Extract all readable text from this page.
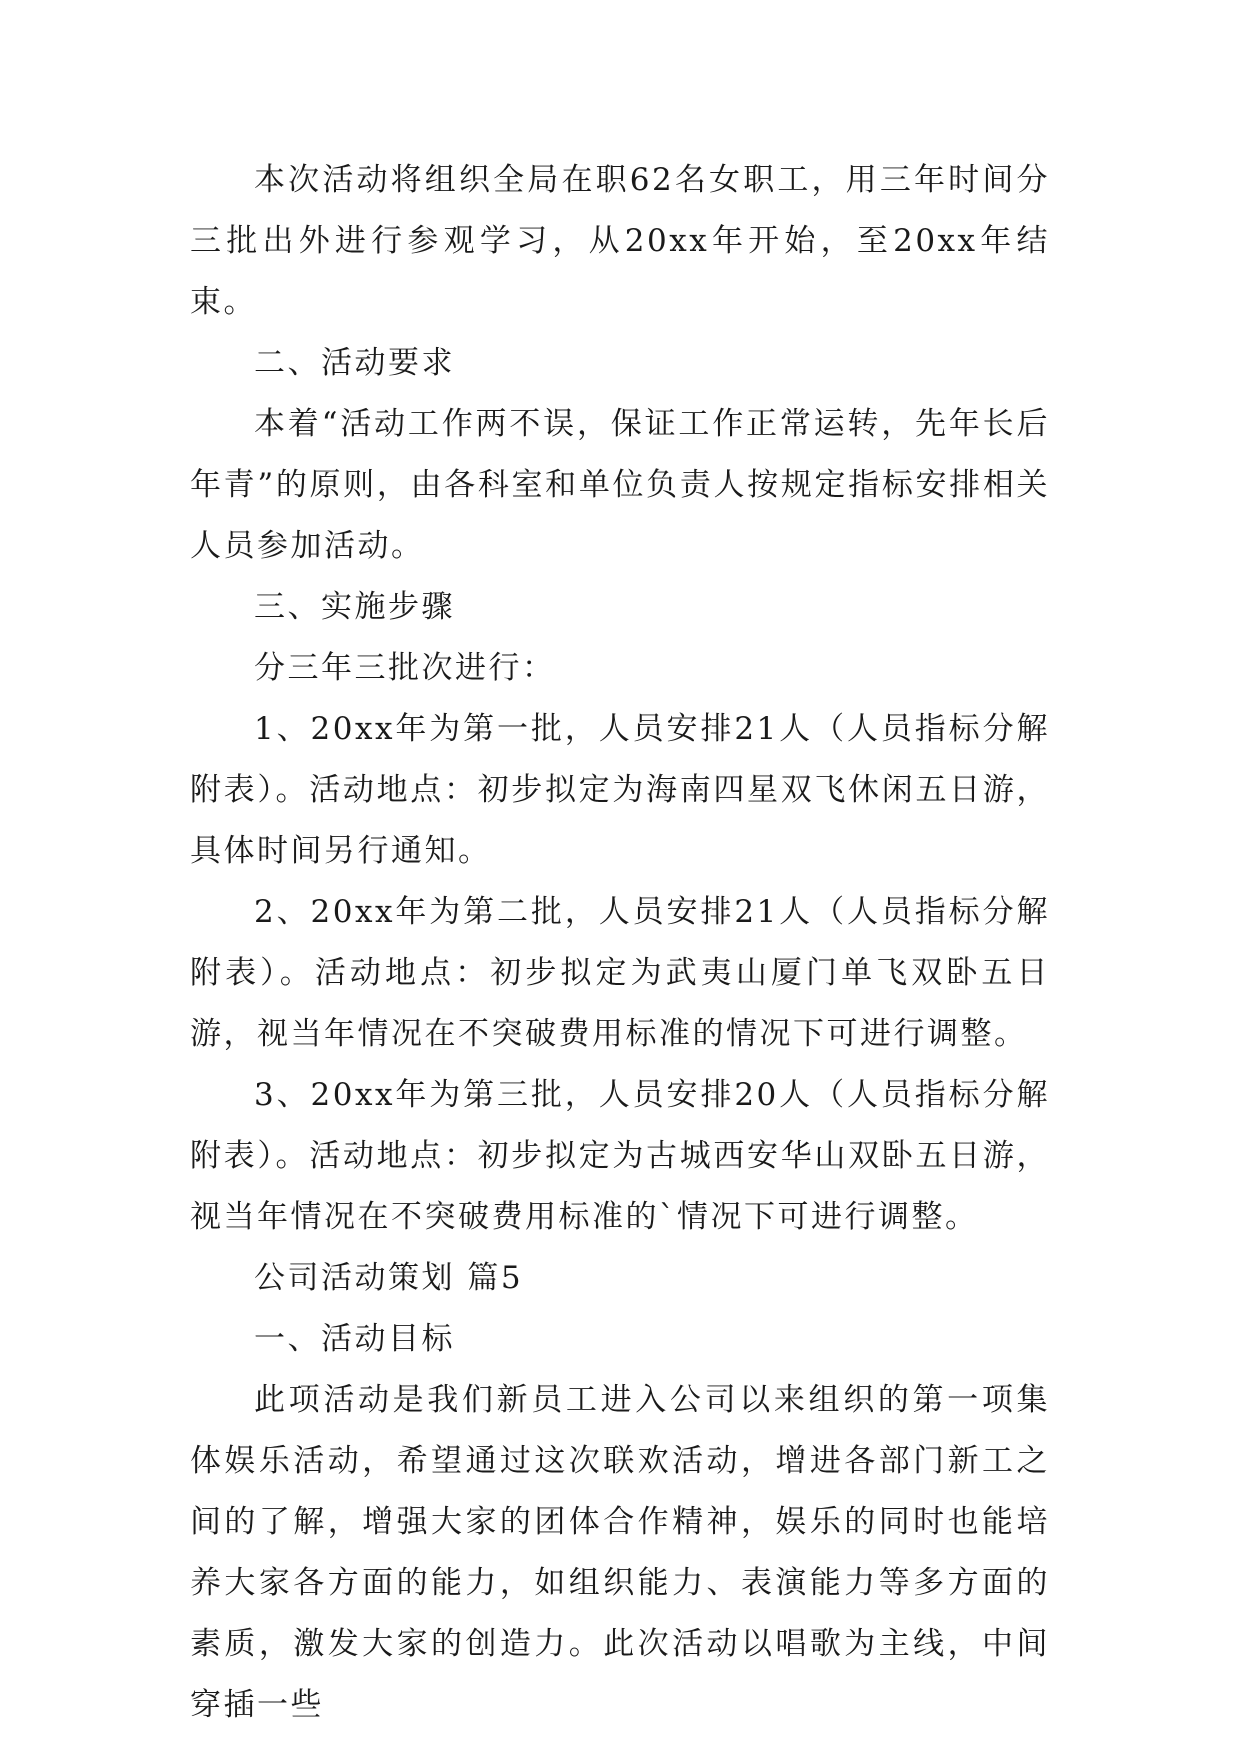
本次活动将组织全局在职62名女职工，用三年时间分三批出外进行参观学习，从20xx年开始，至20xx年结束。

二、活动要求

本着“活动工作两不误，保证工作正常运转，先年长后年青”的原则，由各科室和单位负责人按规定指标安排相关人员参加活动。

三、实施步骤

分三年三批次进行：

1、20xx年为第一批，人员安排21人（人员指标分解附表）。活动地点：初步拟定为海南四星双飞休闲五日游，具体时间另行通知。

2、20xx年为第二批，人员安排21人（人员指标分解附表）。活动地点：初步拟定为武夷山厦门单飞双卧五日游，视当年情况在不突破费用标准的情况下可进行调整。

3、20xx年为第三批，人员安排20人（人员指标分解附表）。活动地点：初步拟定为古城西安华山双卧五日游，视当年情况在不突破费用标准的`情况下可进行调整。

公司活动策划 篇5

一、活动目标

此项活动是我们新员工进入公司以来组织的第一项集体娱乐活动，希望通过这次联欢活动，增进各部门新工之间的了解，增强大家的团体合作精神，娱乐的同时也能培养大家各方面的能力，如组织能力、表演能力等多方面的素质，激发大家的创造力。此次活动以唱歌为主线，中间穿插一些
